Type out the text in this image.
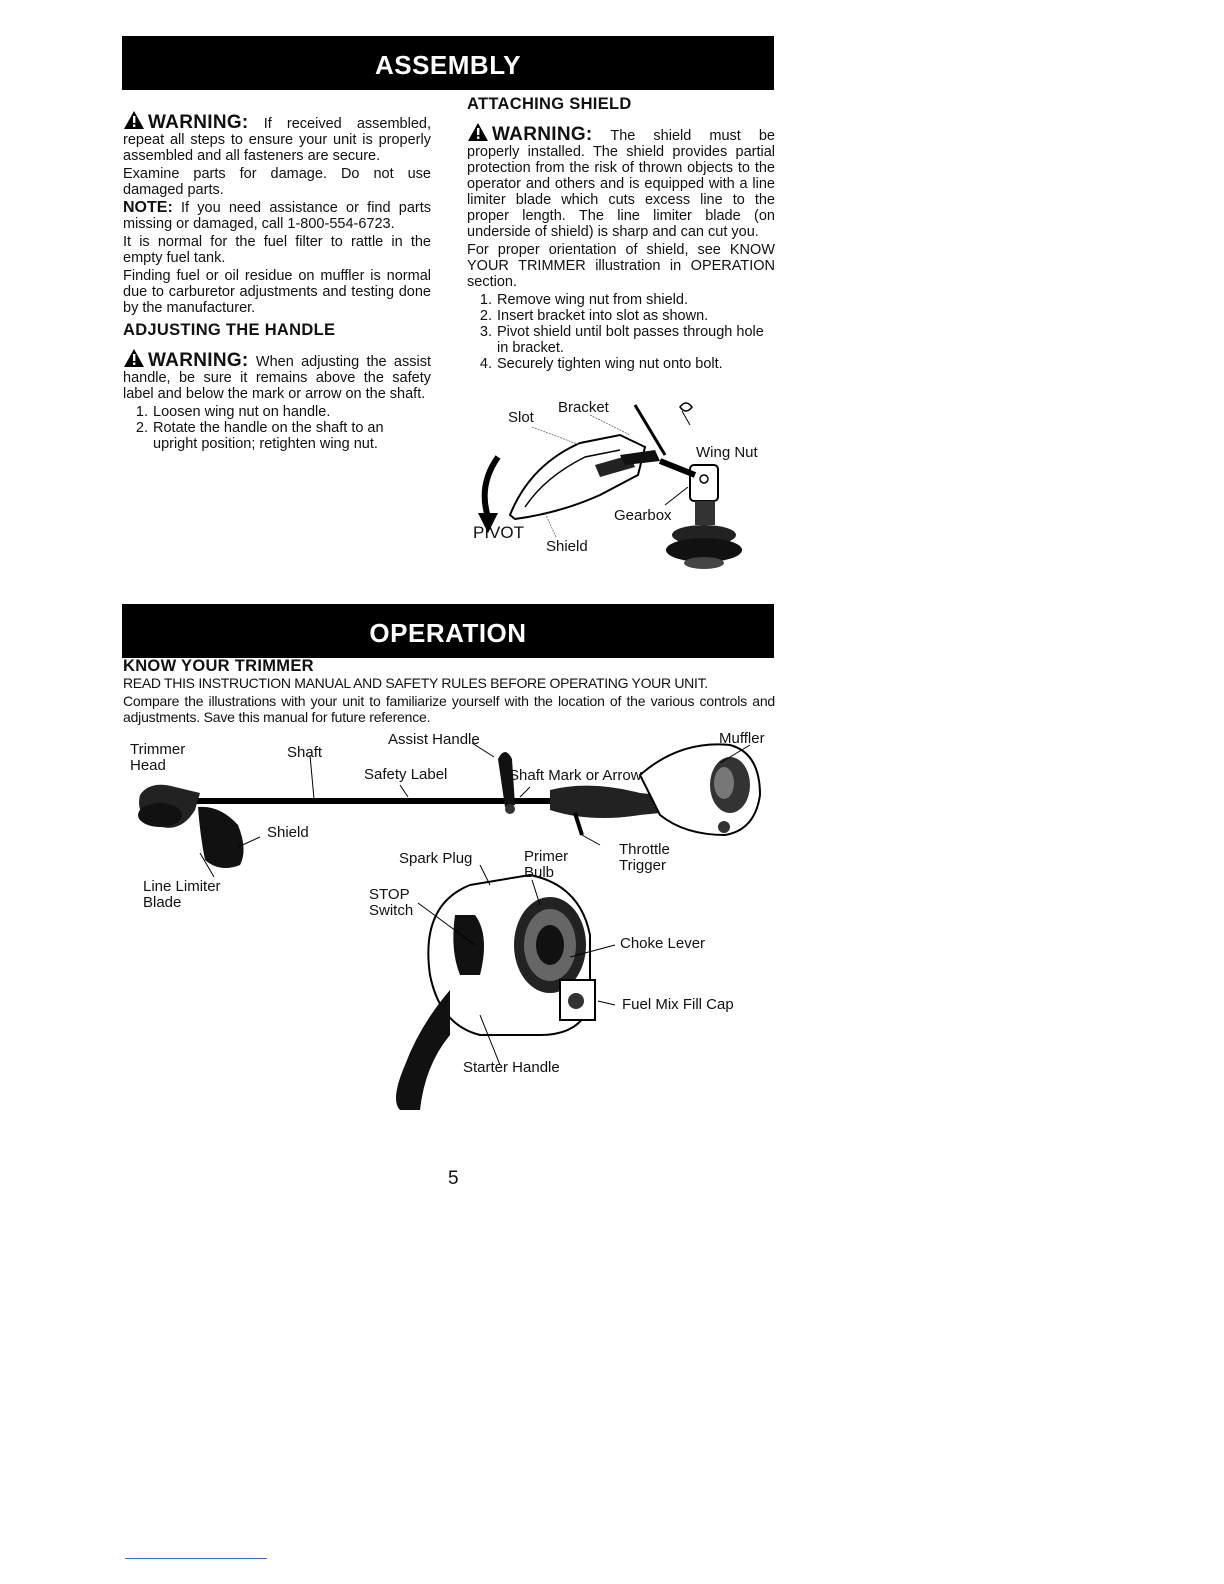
ASSEMBLY

WARNING: If received assembled, repeat all steps to ensure your unit is properly assembled and all fasteners are secure.

Examine parts for damage. Do not use damaged parts.

NOTE: If you need assistance or find parts missing or damaged, call 1-800-554-6723.

It is normal for the fuel filter to rattle in the empty fuel tank.

Finding fuel or oil residue on muffler is normal due to carburetor adjustments and testing done by the manufacturer.

ADJUSTING THE HANDLE

WARNING: When adjusting the assist handle, be sure it remains above the safety label and below the mark or arrow on the shaft.

1. Loosen wing nut on handle.
2. Rotate the handle on the shaft to an upright position; retighten wing nut.
ATTACHING SHIELD

WARNING: The shield must be properly installed. The shield provides partial protection from the risk of thrown objects to the operator and others and is equipped with a line limiter blade which cuts excess line to the proper length. The line limiter blade (on underside of shield) is sharp and can cut you.

For proper orientation of shield, see KNOW YOUR TRIMMER illustration in OPERATION section.

1. Remove wing nut from shield.
2. Insert bracket into slot as shown.
3. Pivot shield until bolt passes through hole in bracket.
4. Securely tighten wing nut onto bolt.
Slot
Bracket
Wing Nut
Gearbox
PIVOT
Shield
OPERATION
KNOW YOUR TRIMMER

READ THIS INSTRUCTION MANUAL AND SAFETY RULES BEFORE OPERATING YOUR UNIT.

Compare the illustrations with your unit to familiarize yourself with the location of the various controls and adjustments. Save this manual for future reference.

Trimmer Head
Shaft
Assist Handle	Muffler
Safety Label	Shaft Mark or Arrow
Shield
Throttle Trigger
Spark Plug	Primer Bulb
Line Limiter Blade	STOP Switch
Choke Lever
Fuel Mix Fill Cap
Starter Handle
5
